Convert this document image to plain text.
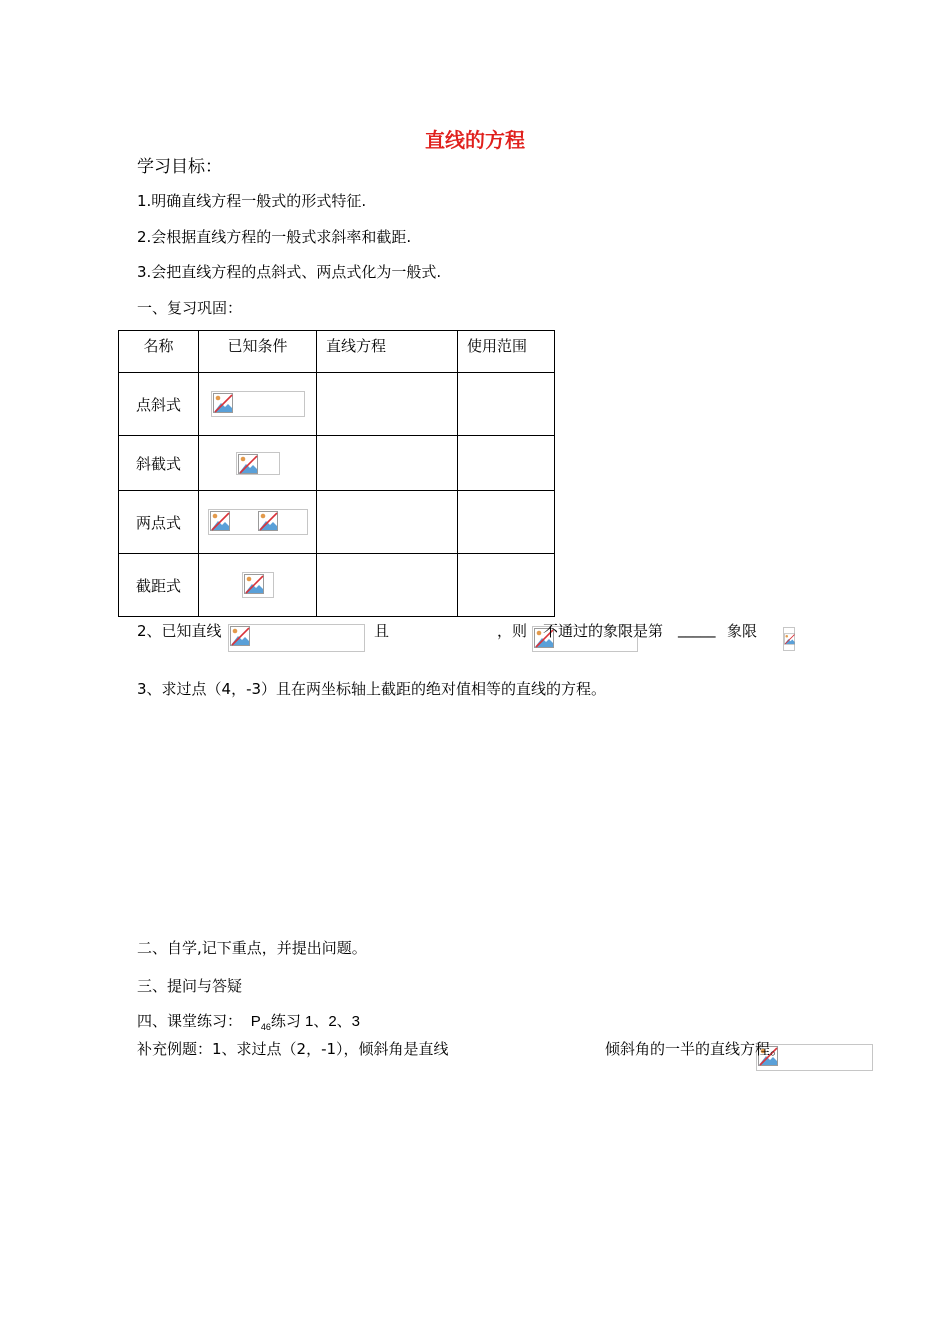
直线的方程
学习目标：
1.明确直线方程一般式的形式特征.
2.会根据直线方程的一般式求斜率和截距.
3.会把直线方程的点斜式、两点式化为一般式.
一、复习巩固：
名称	已知条件	直线方程	使用范围
点斜式	

斜截式	

两点式	

截距式	

2、已知直线
	且
	，则
不通过的象限是第 _____ 象限
3、求过点（4，-3）且在两坐标轴上截距的绝对值相等的直线的方程。
二、自学,记下重点，并提出问题。
三、提问与答疑
四、课堂练习： $P_{46}$练习 1、2、3
补充例题：1、求过点（2，-1），倾斜角是直线	倾斜角的一半的直线方程。
